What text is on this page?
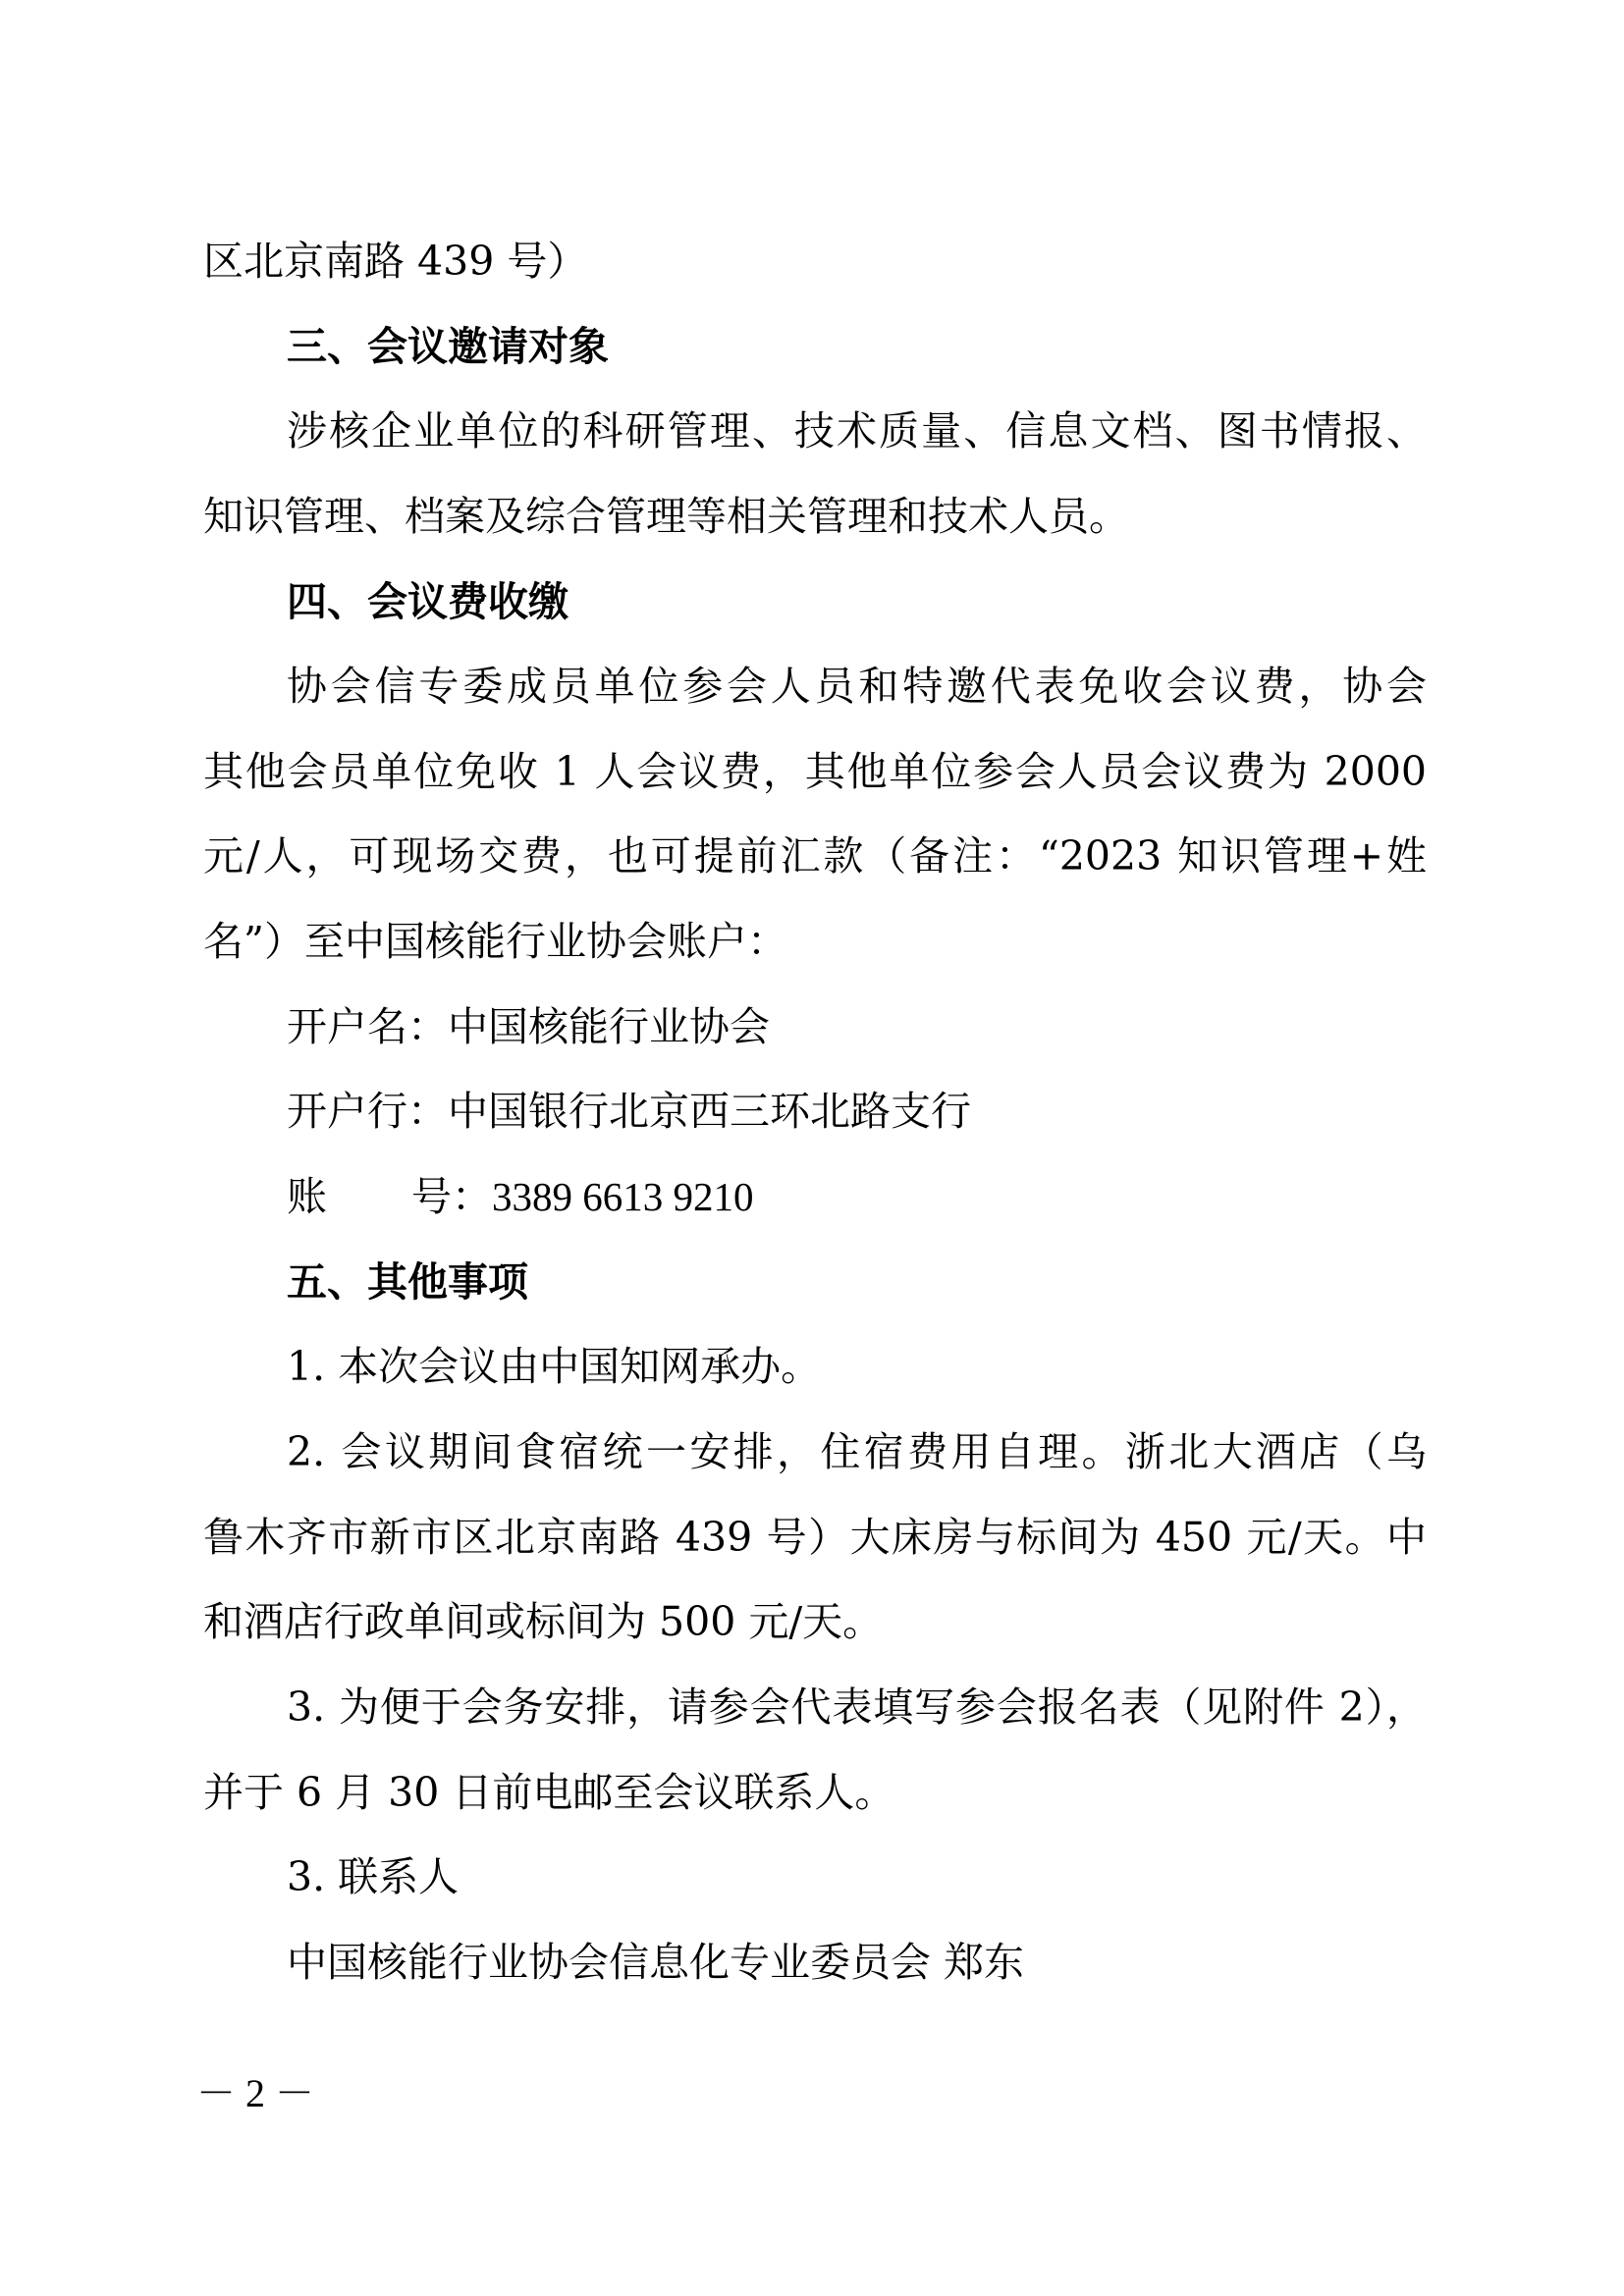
区北京南路 439 号）
三、会议邀请对象
涉核企业单位的科研管理、技术质量、信息文档、图书情报、
知识管理、档案及综合管理等相关管理和技术人员。
四、会议费收缴
协会信专委成员单位参会人员和特邀代表免收会议费，协会
其他会员单位免收 1 人会议费，其他单位参会人员会议费为 2000
元/人，可现场交费，也可提前汇款（备注：“2023 知识管理+姓
名”）至中国核能行业协会账户：
开户名：中国核能行业协会
开户行：中国银行北京西三环北路支行
账 号：3389 6613 9210
五、其他事项
1. 本次会议由中国知网承办。
2. 会议期间食宿统一安排，住宿费用自理。浙北大酒店（乌
鲁木齐市新市区北京南路 439 号）大床房与标间为 450 元/天。中
和酒店行政单间或标间为 500 元/天。
3. 为便于会务安排，请参会代表填写参会报名表（见附件 2），
并于 6 月 30 日前电邮至会议联系人。
3. 联系人
中国核能行业协会信息化专业委员会 郑东
－ 2 －
